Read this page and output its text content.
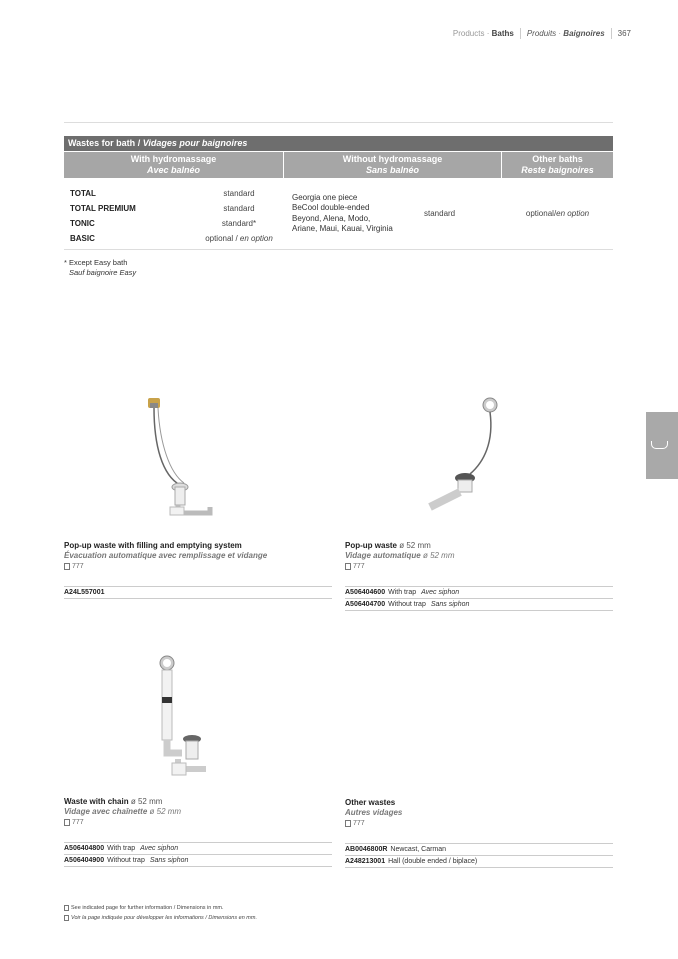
Products · Baths Produits · Baignoires 367
Wastes for bath / Vidages pour baignoires
With hydromassage
Avec balnéo
Without hydromassage
Sans balnéo
Other baths
Reste baignoires
TOTAL	standard
TOTAL PREMIUM	standard
TONIC	standard*
BASIC	optional / en option
Georgia one piece
BeCool double-ended
Beyond, Alena, Modo,
Ariane, Maui, Kauai, Virginia
standard	optional / en option
* Except Easy bath
Sauf baignoire Easy
Pop-up waste with filling and emptying system
Évacuation automatique avec remplissage et vidange
777
A24L557001
Pop-up waste ø 52 mm
Vidage automatique ø 52 mm
777
A506404600 With trap Avec siphon
A506404700 Without trap Sans siphon
Waste with chain ø 52 mm
Vidage avec chaînette ø 52 mm
777
A506404800 With trap Avec siphon
A506404900 Without trap Sans siphon
Other wastes
Autres vidages
777
AB0046800R Newcast, Carman
A248213001 Hall (double ended / biplace)
See indicated page for further information / Dimensions in mm.
Voir la page indiquée pour développer les informations / Dimensions en mm.
